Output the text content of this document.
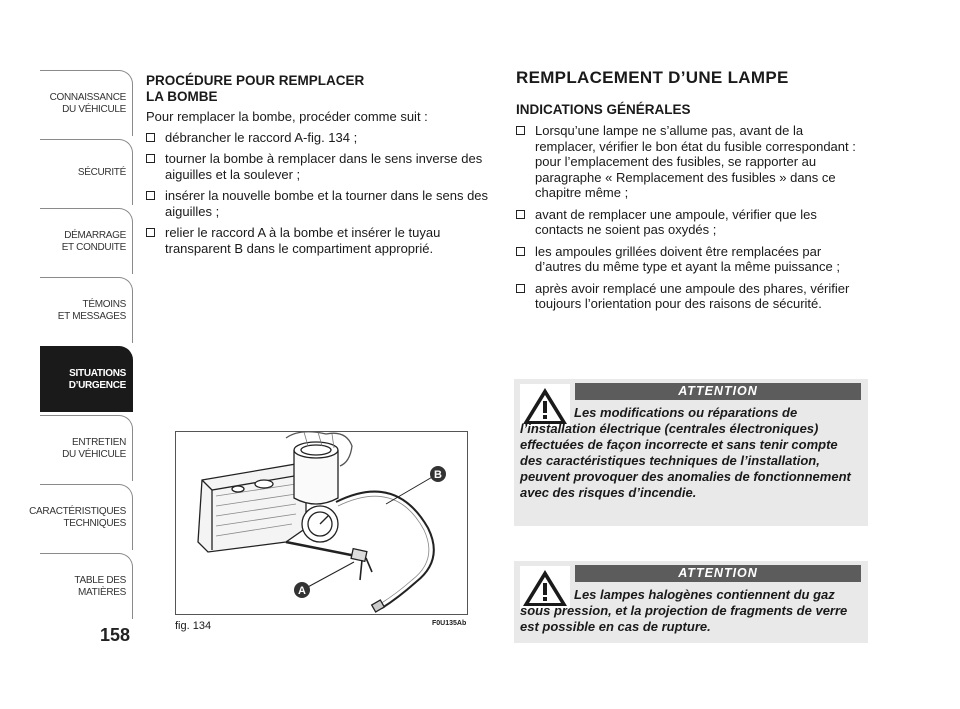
CONNAISSANCE
DU VÉHICULE
SÉCURITÉ
DÉMARRAGE
ET CONDUITE
TÉMOINS
ET MESSAGES
SITUATIONS
D’URGENCE
ENTRETIEN
DU VÉHICULE
CARACTÉRISTIQUES
TECHNIQUES
TABLE DES
MATIÈRES
158
PROCÉDURE POUR REMPLACER
LA BOMBE

Pour remplacer la bombe, procéder comme suit :

débrancher le raccord A-fig. 134 ;
tourner la bombe à remplacer dans le sens inverse des aiguilles et la soulever ;
insérer la nouvelle bombe et la tourner dans le sens des aiguilles ;
relier le raccord A à la bombe et insérer le tuyau transparent B dans le compartiment approprié.
B
A
fig. 134	F0U135Ab
REMPLACEMENT D’UNE LAMPE
INDICATIONS GÉNÉRALES
Lorsqu’une lampe ne s’allume pas, avant de la remplacer, vérifier le bon état du fusible correspondant : pour l’emplacement des fusibles, se rapporter au paragraphe « Remplacement des fusibles » dans ce chapitre même ;
avant de remplacer une ampoule, vérifier que les contacts ne soient pas oxydés ;
les ampoules grillées doivent être remplacées par d’autres du même type et ayant la même puissance ;
après avoir remplacé une ampoule des phares, vérifier toujours l’orientation pour des raisons de sécurité.
ATTENTION

Les modifications ou réparations de l’installation électrique (centrales électroniques) effectuées de façon incorrecte et sans tenir compte des caractéristiques techniques de l’installation, peuvent provoquer des anomalies de fonctionnement avec des risques d’incendie.

ATTENTION

Les lampes halogènes contiennent du gaz sous pression, et la projection de fragments de verre est possible en cas de rupture.
